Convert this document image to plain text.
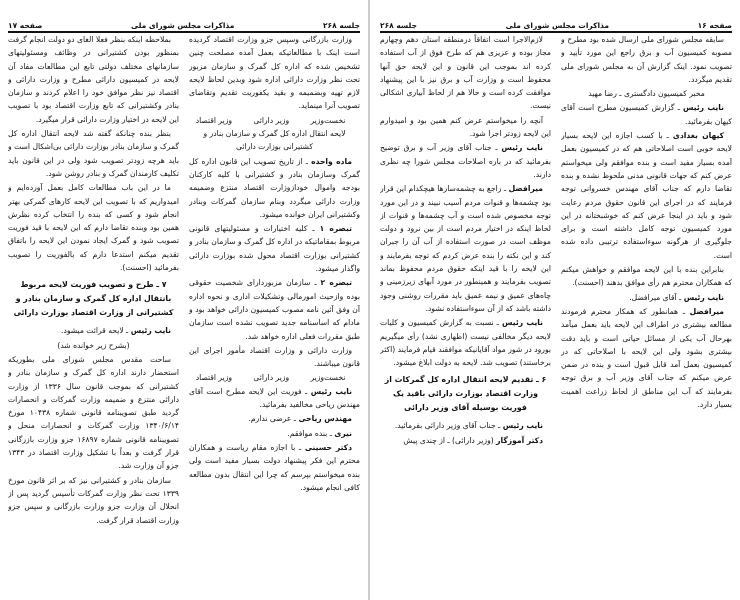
صفحه ۱۷	مذاکرات مجلس شورای ملی	جلسه ۲۶۸

وزارت بازرگانی وسپس جزو وزارت اقتصاد گردیده است اینک با مطالعاتیکه بعمل آمده مصلحت چنین تشخیص شده که اداره کل گمرک و سازمان مزبور تحت نظر وزارت دارائی اداره شود وبدین لحاظ لایحه لازم تهیه وبضمیمه و بقید یکفوریت تقدیم وتقاضای تصویب آنرا مینماید.

نخست‌وزیر
وزیر دارائی
وزیر اقتصاد

لایحه انتقال اداره کل گمرک و سازمان بنادر و کشتیرانی بوزارت دارائی

ماده واحده ـ از تاریخ تصویب این قانون اداره کل گمرک وسازمان بنادر و کشتیرانی با کلیه کارکنان بودجه واموال خودازوزارت اقتصاد منتزع وضمیمه وزارت دارائی میگردد وبنام سازمان گمرکات وبنادر وکشتیرانی ایران خوانده میشود.

تبصره ۱ ـ کلیه اختیارات و مسئولیتهای قانونی مربوط بمقاماتیکه در اداره کل گمرک و سازمان بنادر و کشتیرانی بوزارت اقتصاد محول شده بوزارت دارائی واگذار میشود.

تبصره ۲ ـ سازمان مزبوردارای شخصیت حقوقی بوده وازحیث امورمالی وتشکیلات اداری و نحوه اداره آن وفق آئین نامه مصوب کمیسیون دارائی خواهد بود و مادام که اساسنامه جدید تصویب نشده است سازمان طبق مقررات فعلی اداره خواهد شد.

وزارت دارائی و وزارت اقتصاد مأمور اجرای این قانون میباشند.

نخست‌وزیر
وزیر دارائی
وزیر اقتصاد

نایب رئیس ـ فوریت این لایحه مطرح است آقای مهندس ریاحی مخالفید بفرمائید.

مهندس ریاحی ـ عرضی ندارم.

نیری ـ بنده موافقم.

دکتر حسینی ـ با اجازه مقام ریاست و همکاران محترم این فکر پیشنهاد دولت بسیار مفید است ولی بنده میخواستم بپرسم که چرا این انتقال بدون مطالعه کافی انجام میشود.

بملاحظه اینکه بنظر فعلا الغای دو دولت انجام گرفت بمنظور بودن کشتیرانی در وظائف ومسئولیتهای سازمانهای مختلف دولتی تابع این مطالعات مفاد آن لایحه در کمیسیون دارائی مطرح و وزارت دارائی و اقتصاد نیز نظر موافق خود را اعلام کردند و سازمان بنادر وکشتیرانی که تابع وزارت اقتصاد بود با تصویب این لایحه در اختیار وزارت دارائی قرار میگیرد.

بنظر بنده چنانکه گفته شد لایحه انتقال اداره کل گمرک و سازمان بنادر بوزارت دارائی بی‌اشکال است و باید هرچه زودتر تصویب شود ولی در این قانون باید تکلیف کارمندان گمرک و بنادر روشن شود.

ما در این باب مطالعات کامل بعمل آورده‌ایم و امیدواریم که با تصویب این لایحه کارهای گمرکی بهتر انجام شود و کسی که بنده را انتخاب کرده نظرش همین بود وبنده تقاضا دارم که این لایحه با قید فوریت تصویب شود و گمرک ایجاد نمودن این لایحه را باتفاق تقدیم میکنم استدعا دارم که بالفوریت را تصویب بفرمائید (احسنت).

۷ ـ طرح و تصویب فوریت لایحه مربوط بانتقال اداره کل گمرک و سازمان بنادر و کشتیرانی از وزارت اقتصاد بوزارت دارائی

نایب رئیس ـ لایحه قرائت میشود.

(بشرح زیر خوانده شد)

ساحت مقدس مجلس شورای ملی بطوریکه استحضار دارند اداره کل گمرک و سازمان بنادر و کشتیرانی که بموجب قانون سال ۱۳۳۶ از وزارت دارائی منتزع و ضمیمه وزارت گمرکات و انحصارات گردید طبق تصویبنامه قانونی شماره ۱۰۴۳۸ مورخ ۱۳۴۰/۶/۱۴ وزارت گمرکات و انحصارات منحل و تصویبنامه قانونی شماره ۱۶۸۹۷ جزو وزارت بازرگانی قرار گرفت و بعداً با تشکیل وزارت اقتصاد در ۱۳۴۳ جزو آن وزارت شد.

سازمان بنادر و کشتیرانی نیز که بر اثر قانون مورخ ۱۳۳۹ تحت نظر وزارت گمرکات تأسیس گردید پس از انحلال آن وزارت جزو وزارت بازرگانی و سپس جزو وزارت اقتصاد قرار گرفت.

جلسه ۲۶۸	مذاکرات مجلس شورای ملی	صفحه ۱۶

سابقه مجلس شورای ملی ارسال شده بود مطرح و مصوبه کمیسیون آب و برق راجع این مورد تأیید و تصویب نمود. اینک گزارش آن به مجلس شورای ملی تقدیم میگردد.

مخبر کمیسیون دادگستری ـ رضا مهید

نایب رئیس ـ گزارش کمیسیون مطرح است آقای کیهان بفرمائید.

کیهان بغدادی ـ با کسب اجازه این لایحه بسیار لایحه خوبی است اصلاحاتی هم که در کمیسیون بعمل آمده بسیار مفید است و بنده موافقم ولی میخواستم عرض کنم که جهات قانونی مدنی ملحوظ نشده و بنده تقاضا دارم که جناب آقای مهندس خسروانی توجه فرمایند که در اجرای این قانون حقوق مردم رعایت شود و باید در اینجا عرض کنم که خوشبختانه در این مورد کمیسیون توجه کامل داشته است و برای جلوگیری از هرگونه سوءاستفاده ترتیبی داده شده است.

بنابراین بنده با این لایحه موافقم و خواهش میکنم که همکاران محترم هم رأی موافق بدهند (احسنت).

نایب رئیس ـ آقای میرافضل.

میرافضل ـ همانطور که همکار محترم فرمودند مطالعه بیشتری در اطراف این لایحه باید بعمل میآمد بهرحال آب یکی از مسائل حیاتی است و باید دقت بیشتری بشود ولی این لایحه با اصلاحاتی که در کمیسیون بعمل آمد قابل قبول است و بنده در ضمن عرض میکنم که جناب آقای وزیر آب و برق توجه بفرمایند که آب این مناطق از لحاظ زراعت اهمیت بسیار دارد.

لازم‌الاجرا است اتفاقاً درمنطقه استان دهم وچهارم مجاز بوده و عزیزی هم که طرح فوق از آب استفاده کرده اند بموجب این قانون و این لایحه حق آنها محفوظ است و وزارت آب و برق نیز با این پیشنهاد موافقت کرده است و حالا هم از لحاظ آبیاری اشکالی نیست.

آنچه را میخواستم عرض کنم همین بود و امیدوارم این لایحه زودتر اجرا شود.

نایب رئیس ـ جناب آقای وزیر آب و برق توضیح بفرمائید که در باره اصلاحات مجلس شورا چه نظری دارند.

میرافضل ـ راجع به چشمه‌سارها هیچکدام این قرار بود چشمه‌ها و قنوات مردم آسیب نبیند و در این مورد توجه مخصوص شده است و آب چشمه‌ها و قنوات از لحاظ اینکه در اختیار مردم است از بین نرود و دولت موظف است در صورت استفاده از آب آن را جبران کند و این نکته را بنده عرض کردم که توجه بفرمایند و این لایحه را با قید اینکه حقوق مردم محفوظ بماند تصویب بفرمایند و همینطور در مورد آبهای زیرزمینی و چاه‌های عمیق و نیمه عمیق باید مقررات روشنی وجود داشته باشد که از آن سوءاستفاده نشود.

نایب رئیس ـ نسبت به گزارش کمیسیون و کلیات لایحه دیگر مخالفی نیست (اظهاری نشد) رأی میگیریم بورود در شور مواد آقایانیکه موافقند قیام فرمایند (اکثر برخاستند) تصویب شد. لایحه به دولت ابلاغ میشود.

۶ ـ تقدیم لایحه انتقال اداره کل گمرکات از وزارت اقتصاد بوزارت دارائی باقید یک فوریت بوسیله آقای وزیر دارائی

نایب رئیس ـ جناب آقای وزیر دارائی بفرمائید.

دکتر آموزگار (وزیر دارائی) ـ از چندی پیش
